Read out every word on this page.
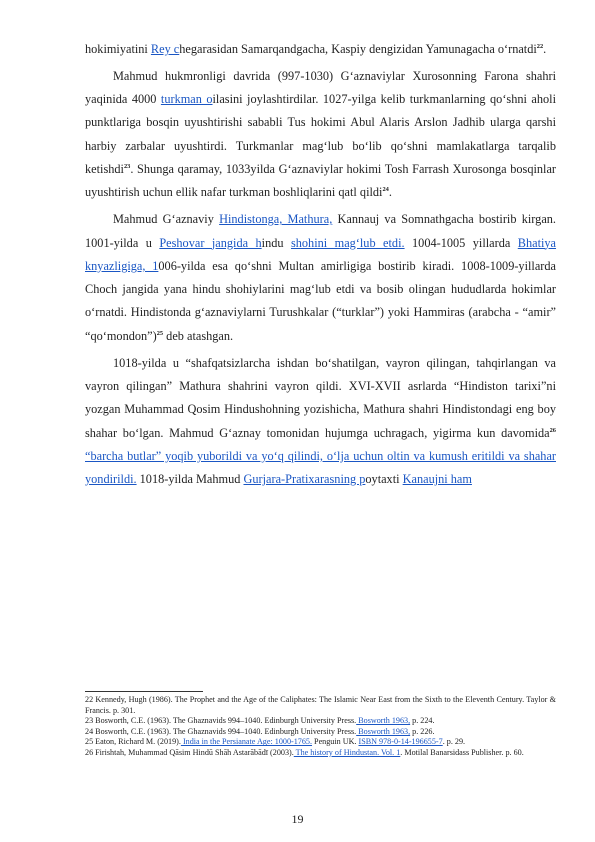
hokimiyatini Rey chegarasidan Samarqandgacha, Kaspiy dengizidan Yamunagacha o‘rnatdi$^{22}$.

Mahmud hukmronligi davrida (997-1030) G‘aznaviylar Xurosonning Farona shahri yaqinida 4000 turkman oilasini joylashtirdilar. 1027-yilga kelib turkmanlarning qo‘shni aholi punktlariga bosqin uyushtirishi sababli Tus hokimi Abul Alaris Arslon Jadhib ularga qarshi harbiy zarbalar uyushtirdi. Turkmanlar mag‘lub bo‘lib qo‘shni mamlakatlarga tarqalib ketishdi$^{23}$. Shunga qaramay, 1033yilda G‘aznaviylar hokimi Tosh Farrash Xurosonga bosqinlar uyushtirish uchun ellik nafar turkman boshliqlarini qatl qildi$^{24}$.

Mahmud G‘aznaviy Hindistonga, Mathura, Kannauj va Somnathgacha bostirib kirgan. 1001-yilda u Peshovar jangida hindu shohini mag‘lub etdi. 1004-1005 yillarda Bhatiya knyazligiga, 1006-yilda esa qo‘shni Multan amirligiga bostirib kiradi. 1008-1009-yillarda Choch jangida yana hindu shohiylarini mag‘lub etdi va bosib olingan hududlarda hokimlar o‘rnatdi. Hindistonda g‘aznaviylarni Turushkalar (“turklar”) yoki Hammiras (arabcha - “amir” “qo‘mondon”)$^{25}$ deb atashgan.

1018-yilda u “shafqatsizlarcha ishdan bo‘shatilgan, vayron qilingan, tahqirlangan va vayron qilingan” Mathura shahrini vayron qildi. XVI-XVII asrlarda “Hindiston tarixi”ni yozgan Muhammad Qosim Hindushohning yozishicha, Mathura shahri Hindistondagi eng boy shahar bo‘lgan. Mahmud G‘aznay tomonidan hujumga uchragach, yigirma kun davomida$^{26}$ “barcha butlar” yoqib yuborildi va yo‘q qilindi, o‘lja uchun oltin va kumush eritildi va shahar yondirildi. 1018-yilda Mahmud Gurjara-Pratixarasning poytaxti Kanaujni ham

22 Kennedy, Hugh (1986). The Prophet and the Age of the Caliphates: The Islamic Near East from the Sixth to the Eleventh Century. Taylor & Francis. p. 301.

23 Bosworth, C.E. (1963). The Ghaznavids 994–1040. Edinburgh University Press. Bosworth 1963, p. 224.

24 Bosworth, C.E. (1963). The Ghaznavids 994–1040. Edinburgh University Press. Bosworth 1963, p. 226.

25 Eaton, Richard M. (2019). India in the Persianate Age: 1000-1765. Penguin UK. ISBN 978-0-14-196655-7. p. 29.

26 Firishtah, Muhammad Qāsim Hindū Shāh Astarābādī (2003). The history of Hindustan. Vol. 1. Motilal Banarsidass Publisher. p. 60.

19
